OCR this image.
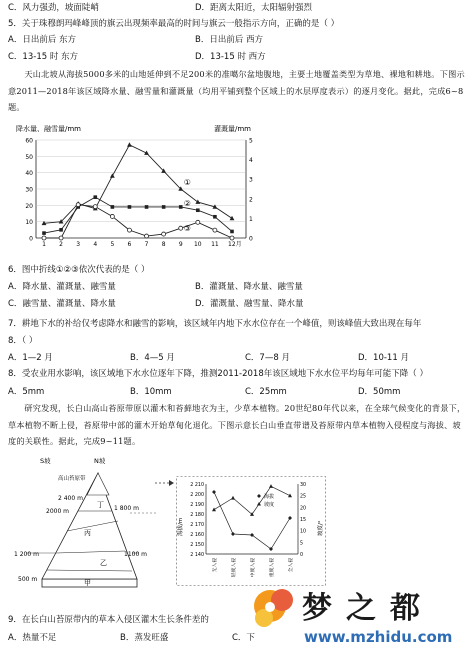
C．风力强劲，坡面陡峭	D．距离太阳近，太阳辐射强烈
5．关于珠穆朗玛峰峰顶的旗云出现频率最高的时间与旗云一般指示方向，正确的是（ ）
A．日出前后 东方	B．日出前后 西方
C．13-15 时 东方	D．13-15 时 西方
天山北坡从海拔5000多米的山地延伸到不足200米的准噶尔盆地腹地，主要土地覆盖类型为草地、裸地和耕地。下图示意2011—2018年该区域降水量、融雪量和灌溉量（均用平铺到整个区域上的水层厚度表示）的逐月变化。据此，完成6~8题。
降水量、融雪量/mm	灌溉量/mm
0
10
20
30
40
50
60
0
1
2
3
4
5
1 2 3 4 5 6 7 8 9 10 11 12月
①
②
③
6．图中折线①②③依次代表的是（ ）
A．降水量、灌溉量、融雪量	B．灌溉量、降水量、融雪量
C．融雪量、灌溉量、降水量	D．灌溉量、融雪量、降水量
7．耕地下水的补给仅考虑降水和融雪的影响，该区域年内地下水水位存在一个峰值，则该峰值大致出现在每年
8．（ ）
A．1—2 月	B．4—5 月	C．7—8 月	D．10-11 月
8．受农业用水影响，该区域地下水水位逐年下降，推测2011-2018年该区域地下水水位平均每年可能下降（ ）
A．5mm	B．10mm	C．25mm	D．50mm
研究发现，长白山高山苔原带原以灌木和苔藓地衣为主，少草本植物。20世纪80年代以来，在全球气候变化的背景下，草本植物不断上侵，苔原带中部的灌木开始草甸化退化。下图示意长白山垂直带谱及苔原带内草本植物入侵程度与海拔、坡度的关联性。据此，完成9~11题。
S坡	N坡
高山苔原带
2 400 m
2000 m	1 800 m
1 200 m	1100 m
500 m
丁
丙
乙
甲
海拔/m	坡度/°
2 140
2 150
2 160
2 170
2 180
2 190
2 200
2 210
0
5
10
15
20
25
30
无入侵	轻度入侵	中度入侵	重度入侵	全入侵
海拔
坡度
9．在长白山苔原带内的草本入侵区灌木生长条件差的
A．热量不足	B．蒸发旺盛	C．下
梦之都
www.mzhidu.com
